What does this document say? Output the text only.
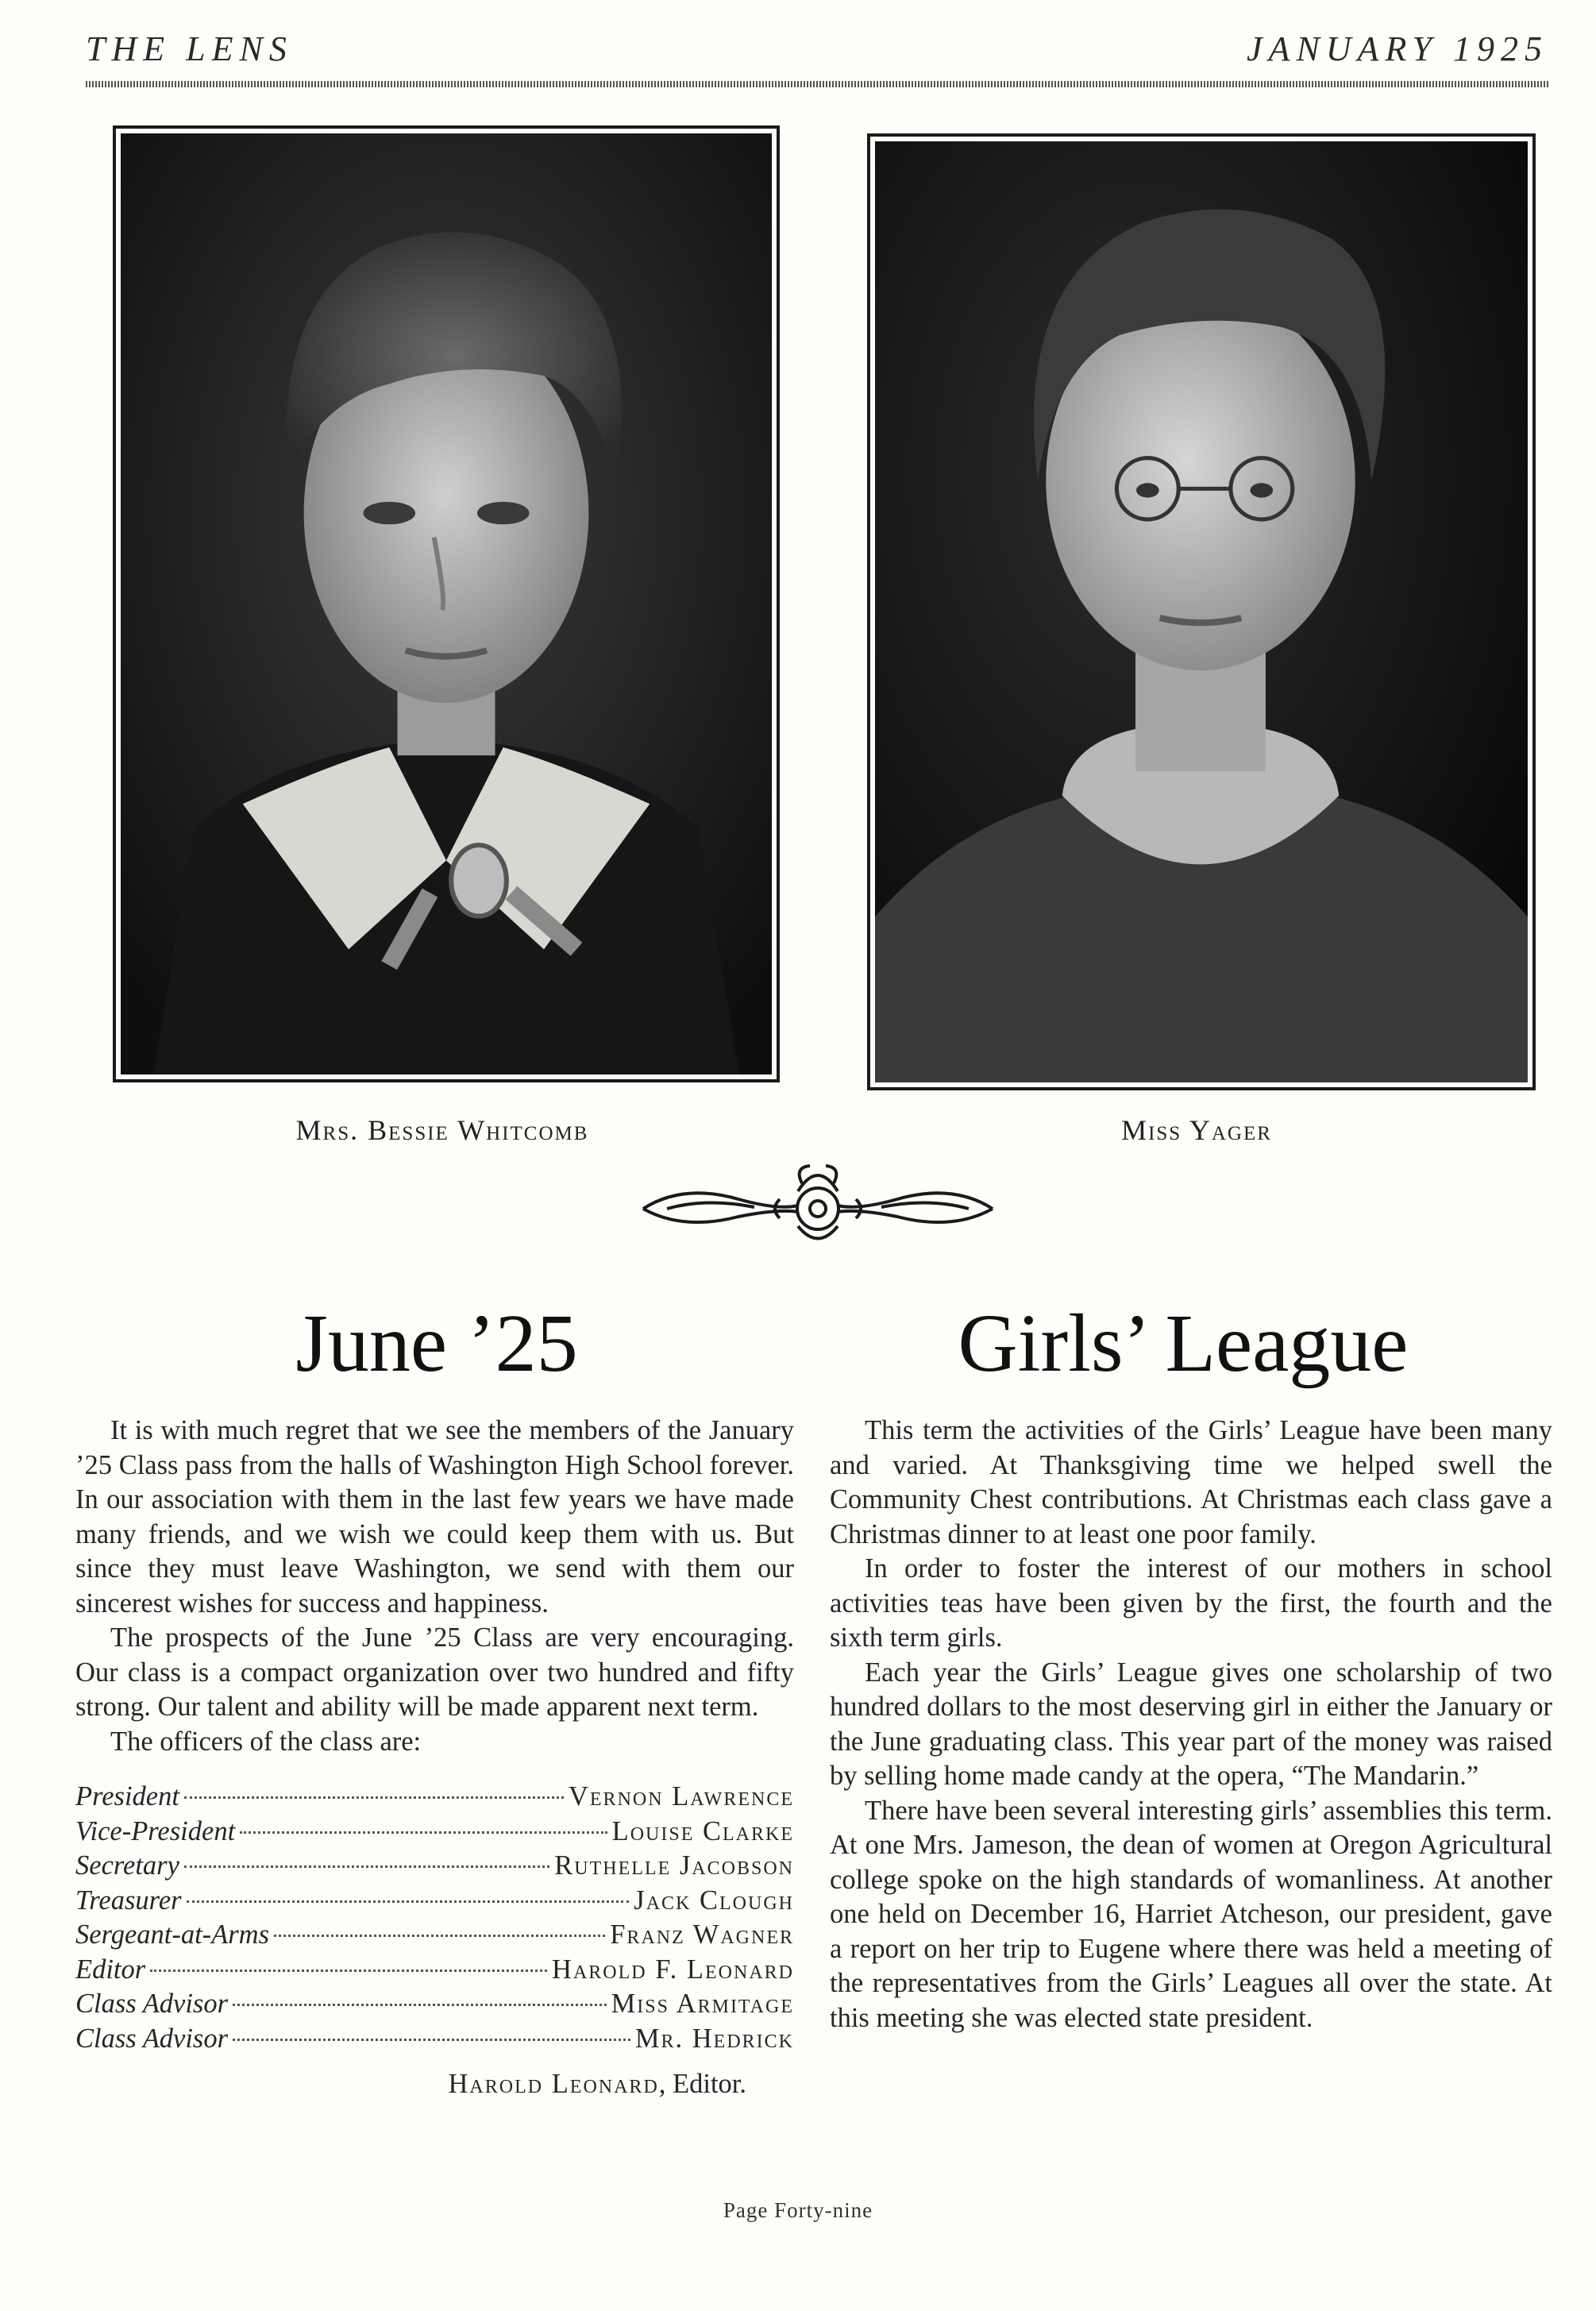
THE LENS	JANUARY 1925
Mrs. Bessie Whitcomb	Miss Yager
June ’25	Girls’ League

It is with much regret that we see the members of the January ’25 Class pass from the halls of Washington High School forever. In our association with them in the last few years we have made many friends, and we wish we could keep them with us. But since they must leave Washington, we send with them our sincerest wishes for success and happiness.

The prospects of the June ’25 Class are very encouraging. Our class is a compact organization over two hundred and fifty strong. Our talent and ability will be made apparent next term.

The officers of the class are:

President	Vernon Lawrence
Vice-President	Louise Clarke
Secretary	Ruthelle Jacobson
Treasurer	Jack Clough
Sergeant-at-Arms	Franz Wagner
Editor	Harold F. Leonard
Class Advisor	Miss Armitage
Class Advisor	Mr. Hedrick
Harold Leonard, Editor.

This term the activities of the Girls’ League have been many and varied. At Thanksgiving time we helped swell the Community Chest contributions. At Christmas each class gave a Christmas dinner to at least one poor family.

In order to foster the interest of our mothers in school activities teas have been given by the first, the fourth and the sixth term girls.

Each year the Girls’ League gives one scholarship of two hundred dollars to the most deserving girl in either the January or the June graduating class. This year part of the money was raised by selling home made candy at the opera, “The Mandarin.”

There have been several interesting girls’ assemblies this term. At one Mrs. Jameson, the dean of women at Oregon Agricultural college spoke on the high standards of womanliness. At another one held on December 16, Harriet Atcheson, our president, gave a report on her trip to Eugene where there was held a meeting of the representatives from the Girls’ Leagues all over the state. At this meeting she was elected state president.

Page Forty-nine
